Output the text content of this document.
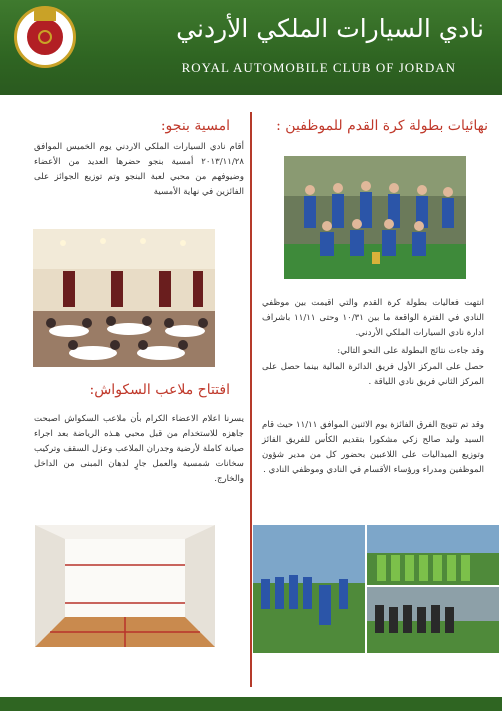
نادي السيارات الملكي الأردني
ROYAL AUTOMOBILE CLUB OF JORDAN
نهائيات بطولة كرة القدم للموظفين :
انتهت فعاليات بطولة كرة القدم والتي اقيمت بين موظفي النادي في الفترة الواقعة ما بين ١٠/٣١ وحتى ١١/١١ باشراف ادارة نادي السيارات الملكي الأردني.
وقد جاءت نتائج البطولة على النحو التالي:
حصل على المركز الأول فريق الدائرة المالية بينما حصل على المركز الثاني فريق نادي اللياقة .
وقد تم تتويج الفرق الفائزة يوم الاثنين الموافق ١١/١١ حيث قام السيد وليد صالح زكي مشكورا بتقديم الكأس للفريق الفائز وتوزيع الميداليات على اللاعبين بحضور كل من مدير شؤون الموظفين ومدراء ورؤساء الأقسام في النادي وموظفي النادي .
امسية بنجو:
أقام نادي السيارات الملكي الاردني يوم الخميس الموافق ٢٠١٣/١١/٢٨ أمسية بنجو حضرها العديد من الأعضاء وضيوفهم من محبي لعبة البنجو وتم توزيع الجوائز على الفائزين في نهاية الأمسية
افتتاح ملاعب السكواش:
يسرنا اعلام الاعضاء الكرام بأن ملاعب السكواش اصبحت جاهزه للاستخدام من قبل محبي هـذه الرياضة بعد اجراء صيانة كاملة لأرضية وجدران الملاعب وعزل السقف وتركيب سخانات شمسية والعمل جارٍ لدهان المبنى من الداخل والخارج.
